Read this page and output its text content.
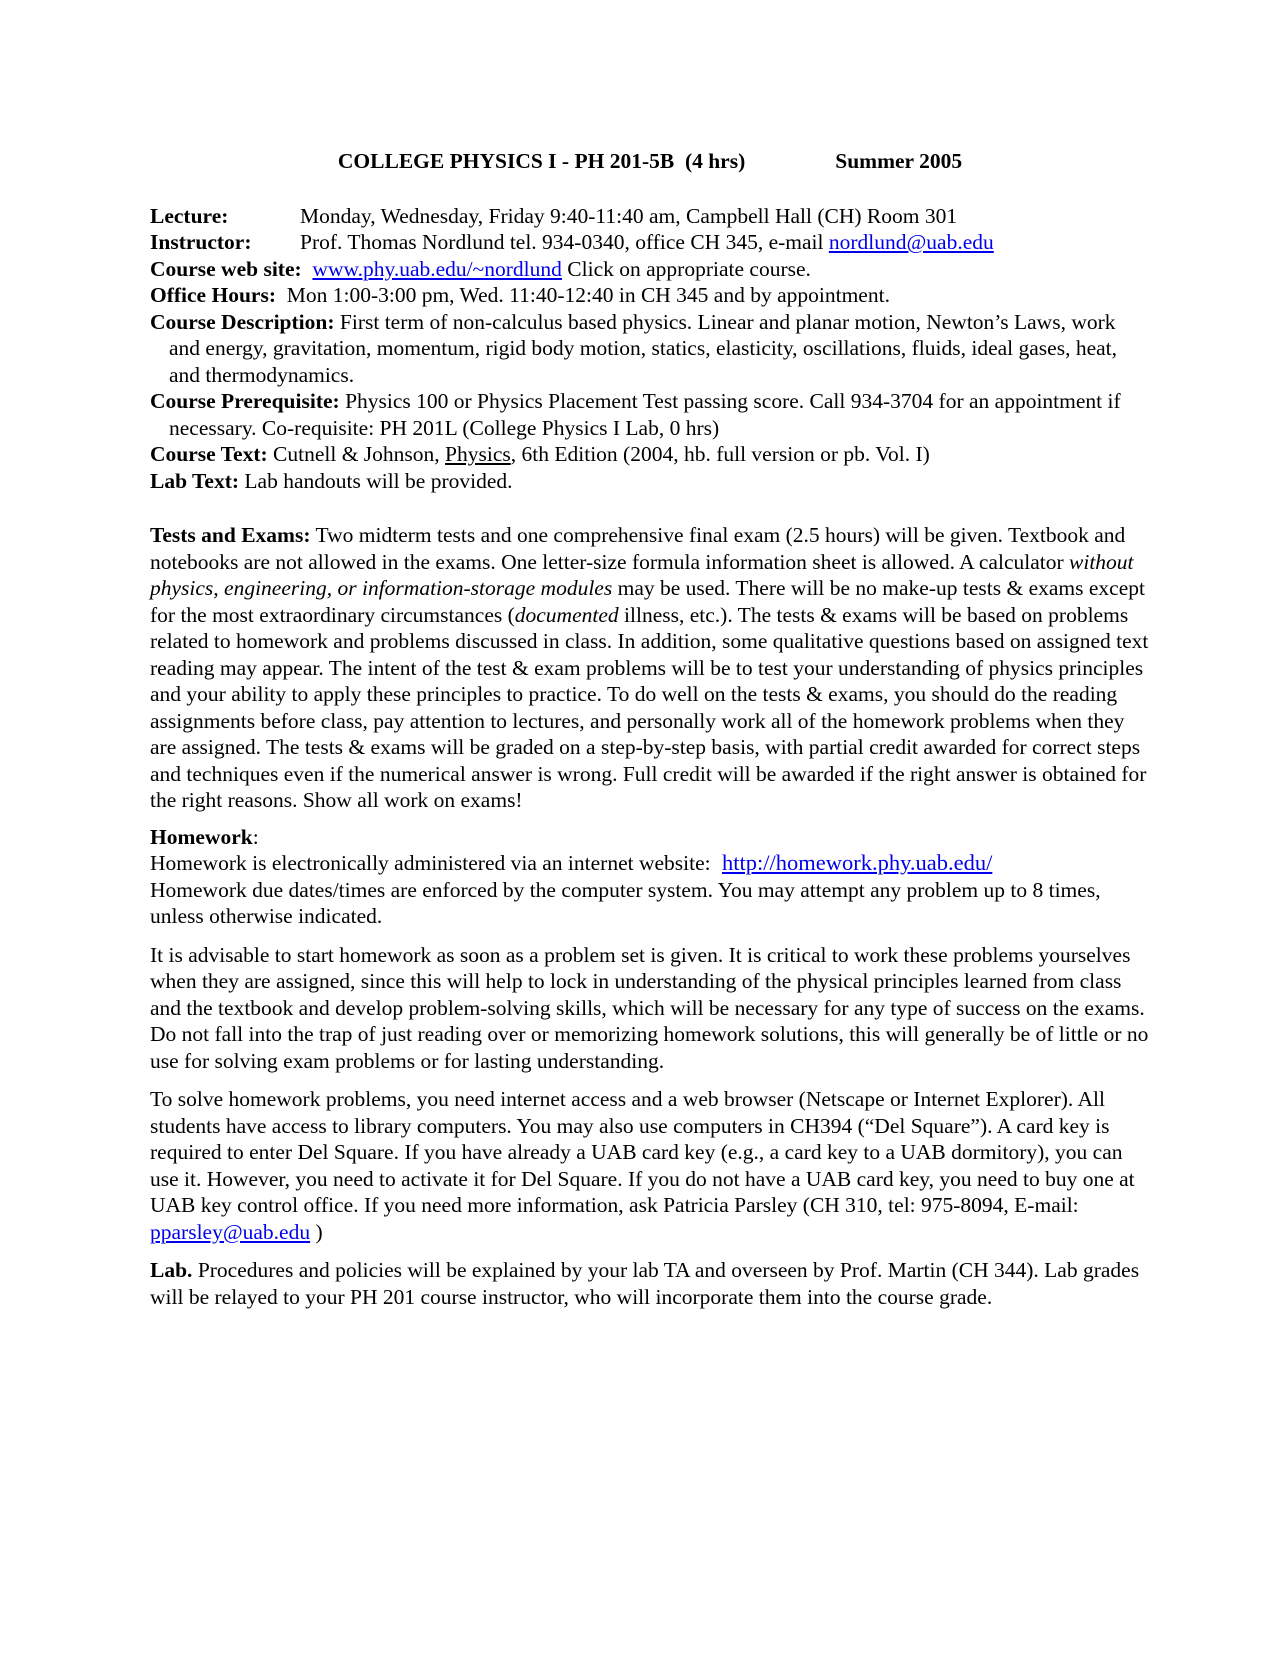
COLLEGE PHYSICS I - PH 201-5B  (4 hrs)	Summer 2005
Lecture:	Monday, Wednesday, Friday 9:40-11:40 am, Campbell Hall (CH) Room 301
Instructor: Prof. Thomas Nordlund tel. 934-0340, office CH 345, e-mail nordlund@uab.edu
Course web site: www.phy.uab.edu/~nordlund Click on appropriate course.
Office Hours: Mon 1:00-3:00 pm, Wed. 11:40-12:40 in CH 345 and by appointment.

Course Description: First term of non-calculus based physics. Linear and planar motion, Newton’s Laws, work and energy, gravitation, momentum, rigid body motion, statics, elasticity, oscillations, fluids, ideal gases, heat, and thermodynamics.

Course Prerequisite: Physics 100 or Physics Placement Test passing score. Call 934-3704 for an appointment if necessary. Co-requisite: PH 201L (College Physics I Lab, 0 hrs)

Course Text: Cutnell & Johnson, Physics, 6th Edition (2004, hb. full version or pb. Vol. I)
Lab Text: Lab handouts will be provided.

Tests and Exams: Two midterm tests and one comprehensive final exam (2.5 hours) will be given. Textbook and notebooks are not allowed in the exams. One letter-size formula information sheet is allowed. A calculator without physics, engineering, or information-storage modules may be used. There will be no make-up tests & exams except for the most extraordinary circumstances (documented illness, etc.). The tests & exams will be based on problems related to homework and problems discussed in class. In addition, some qualitative questions based on assigned text reading may appear. The intent of the test & exam problems will be to test your understanding of physics principles and your ability to apply these principles to practice. To do well on the tests & exams, you should do the reading assignments before class, pay attention to lectures, and personally work all of the homework problems when they are assigned. The tests & exams will be graded on a step-by-step basis, with partial credit awarded for correct steps and techniques even if the numerical answer is wrong. Full credit will be awarded if the right answer is obtained for the right reasons. Show all work on exams!

Homework:

Homework is electronically administered via an internet website: http://homework.phy.uab.edu/
Homework due dates/times are enforced by the computer system. You may attempt any problem up to 8 times, unless otherwise indicated.

It is advisable to start homework as soon as a problem set is given. It is critical to work these problems yourselves when they are assigned, since this will help to lock in understanding of the physical principles learned from class and the textbook and develop problem-solving skills, which will be necessary for any type of success on the exams. Do not fall into the trap of just reading over or memorizing homework solutions, this will generally be of little or no use for solving exam problems or for lasting understanding.

To solve homework problems, you need internet access and a web browser (Netscape or Internet Explorer). All students have access to library computers. You may also use computers in CH394 (“Del Square”). A card key is required to enter Del Square. If you have already a UAB card key (e.g., a card key to a UAB dormitory), you can use it. However, you need to activate it for Del Square. If you do not have a UAB card key, you need to buy one at UAB key control office. If you need more information, ask Patricia Parsley (CH 310, tel: 975-8094, E-mail: pparsley@uab.edu )

Lab. Procedures and policies will be explained by your lab TA and overseen by Prof. Martin (CH 344). Lab grades will be relayed to your PH 201 course instructor, who will incorporate them into the course grade.
